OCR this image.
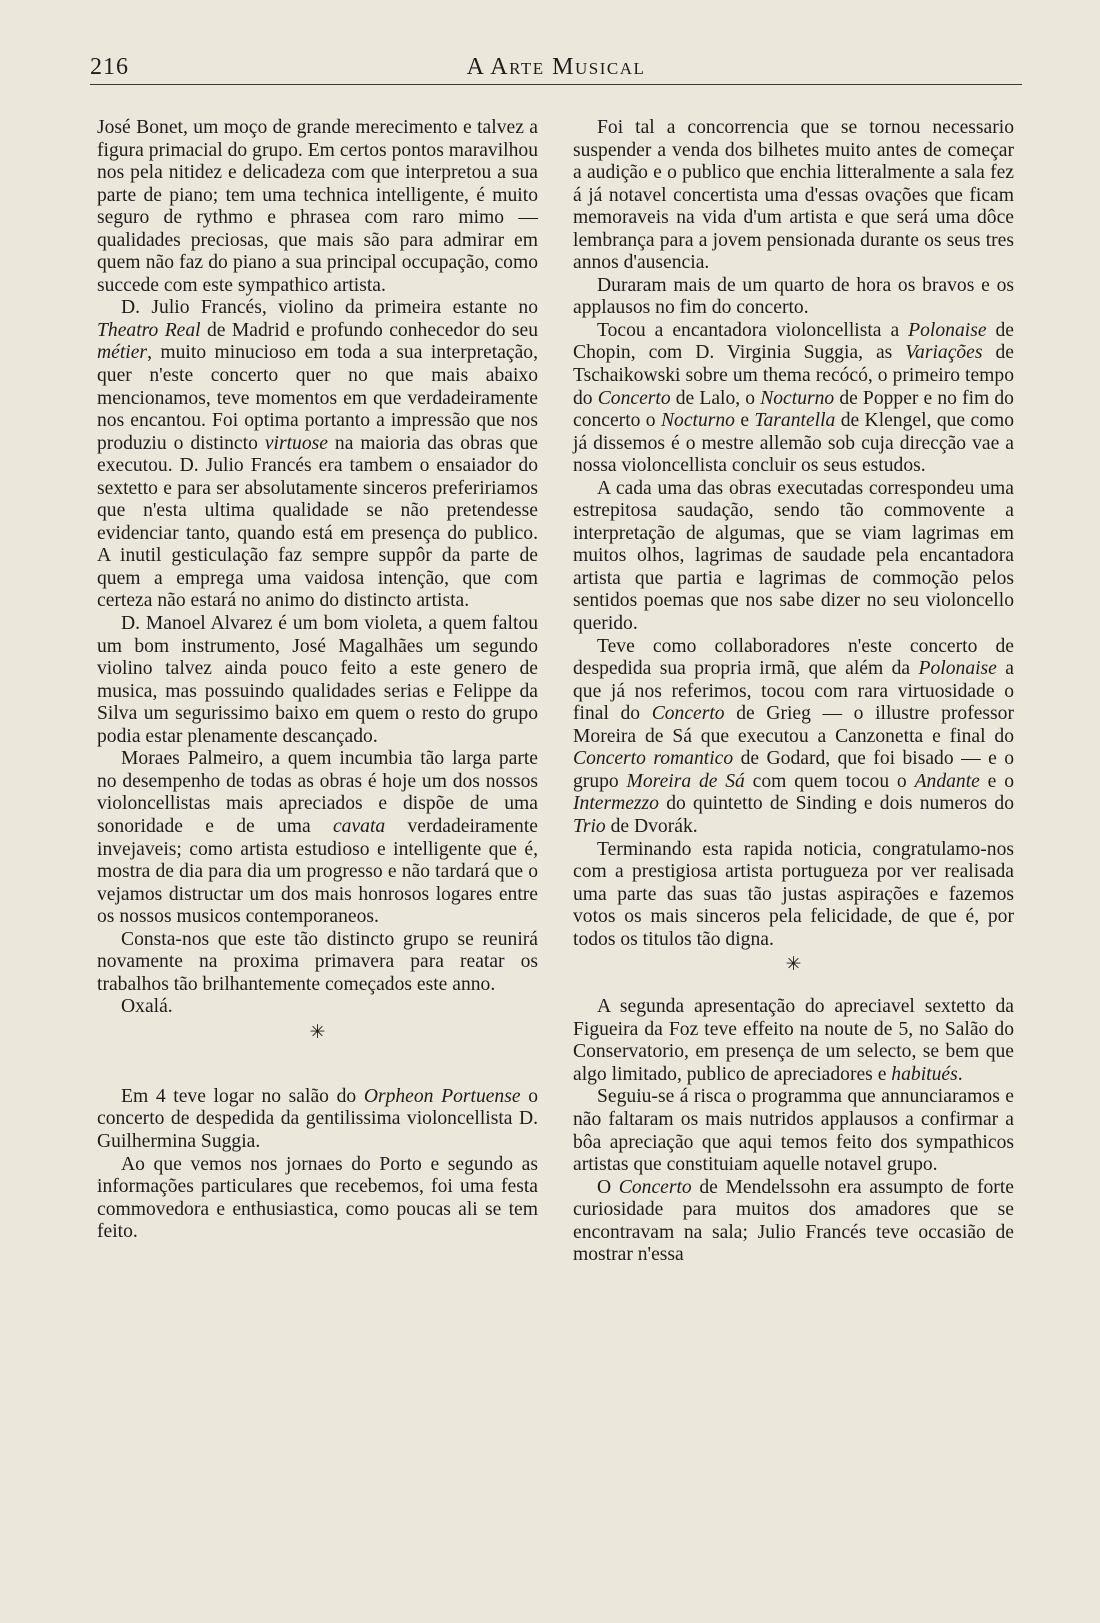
216	A Arte Musical

José Bonet, um moço de grande merecimento e talvez a figura primacial do grupo. Em certos pontos maravilhou nos pela nitidez e delicadeza com que interpretou a sua parte de piano; tem uma technica intelligente, é muito seguro de rythmo e phrasea com raro mimo — qualidades preciosas, que mais são para admirar em quem não faz do piano a sua principal occupação, como succede com este sympathico artista.

D. Julio Francés, violino da primeira estante no Theatro Real de Madrid e profundo conhecedor do seu métier, muito minucioso em toda a sua interpretação, quer n'este concerto quer no que mais abaixo mencionamos, teve momentos em que verdadeiramente nos encantou. Foi optima portanto a impressão que nos produziu o distincto virtuose na maioria das obras que executou. D. Julio Francés era tambem o ensaiador do sextetto e para ser absolutamente sinceros prefeririamos que n'esta ultima qualidade se não pretendesse evidenciar tanto, quando está em presença do publico. A inutil gesticulação faz sempre suppôr da parte de quem a emprega uma vaidosa intenção, que com certeza não estará no animo do distincto artista.

D. Manoel Alvarez é um bom violeta, a quem faltou um bom instrumento, José Magalhães um segundo violino talvez ainda pouco feito a este genero de musica, mas possuindo qualidades serias e Felippe da Silva um segurissimo baixo em quem o resto do grupo podia estar plenamente descançado.

Moraes Palmeiro, a quem incumbia tão larga parte no desempenho de todas as obras é hoje um dos nossos violoncellistas mais apreciados e dispõe de uma sonoridade e de uma cavata verdadeiramente invejaveis; como artista estudioso e intelligente que é, mostra de dia para dia um progresso e não tardará que o vejamos distructar um dos mais honrosos logares entre os nossos musicos contemporaneos.

Consta-nos que este tão distincto grupo se reunirá novamente na proxima primavera para reatar os trabalhos tão brilhantemente começados este anno.

Oxalá.

✳

Em 4 teve logar no salão do Orpheon Portuense o concerto de despedida da gentilissima violoncellista D. Guilhermina Suggia.

Ao que vemos nos jornaes do Porto e segundo as informações particulares que recebemos, foi uma festa commovedora e enthusiastica, como poucas ali se tem feito.

Foi tal a concorrencia que se tornou necessario suspender a venda dos bilhetes muito antes de começar a audição e o publico que enchia litteralmente a sala fez á já notavel concertista uma d'essas ovações que ficam memoraveis na vida d'um artista e que será uma dôce lembrança para a jovem pensionada durante os seus tres annos d'ausencia.

Duraram mais de um quarto de hora os bravos e os applausos no fim do concerto.

Tocou a encantadora violoncellista a Polonaise de Chopin, com D. Virginia Suggia, as Variações de Tschaikowski sobre um thema recócó, o primeiro tempo do Concerto de Lalo, o Nocturno de Popper e no fim do concerto o Nocturno e Tarantella de Klengel, que como já dissemos é o mestre allemão sob cuja direcção vae a nossa violoncellista concluir os seus estudos.

A cada uma das obras executadas correspondeu uma estrepitosa saudação, sendo tão commovente a interpretação de algumas, que se viam lagrimas em muitos olhos, lagrimas de saudade pela encantadora artista que partia e lagrimas de commoção pelos sentidos poemas que nos sabe dizer no seu violoncello querido.

Teve como collaboradores n'este concerto de despedida sua propria irmã, que além da Polonaise a que já nos referimos, tocou com rara virtuosidade o final do Concerto de Grieg — o illustre professor Moreira de Sá que executou a Canzonetta e final do Concerto romantico de Godard, que foi bisado — e o grupo Moreira de Sá com quem tocou o Andante e o Intermezzo do quintetto de Sinding e dois numeros do Trio de Dvorák.

Terminando esta rapida noticia, congratulamo-nos com a prestigiosa artista portugueza por ver realisada uma parte das suas tão justas aspirações e fazemos votos os mais sinceros pela felicidade, de que é, por todos os titulos tão digna.

✳

A segunda apresentação do apreciavel sextetto da Figueira da Foz teve effeito na noute de 5, no Salão do Conservatorio, em presença de um selecto, se bem que algo limitado, publico de apreciadores e habitués.

Seguiu-se á risca o programma que annunciaramos e não faltaram os mais nutridos applausos a confirmar a bôa apreciação que aqui temos feito dos sympathicos artistas que constituiam aquelle notavel grupo.

O Concerto de Mendelssohn era assumpto de forte curiosidade para muitos dos amadores que se encontravam na sala; Julio Francés teve occasião de mostrar n'essa
